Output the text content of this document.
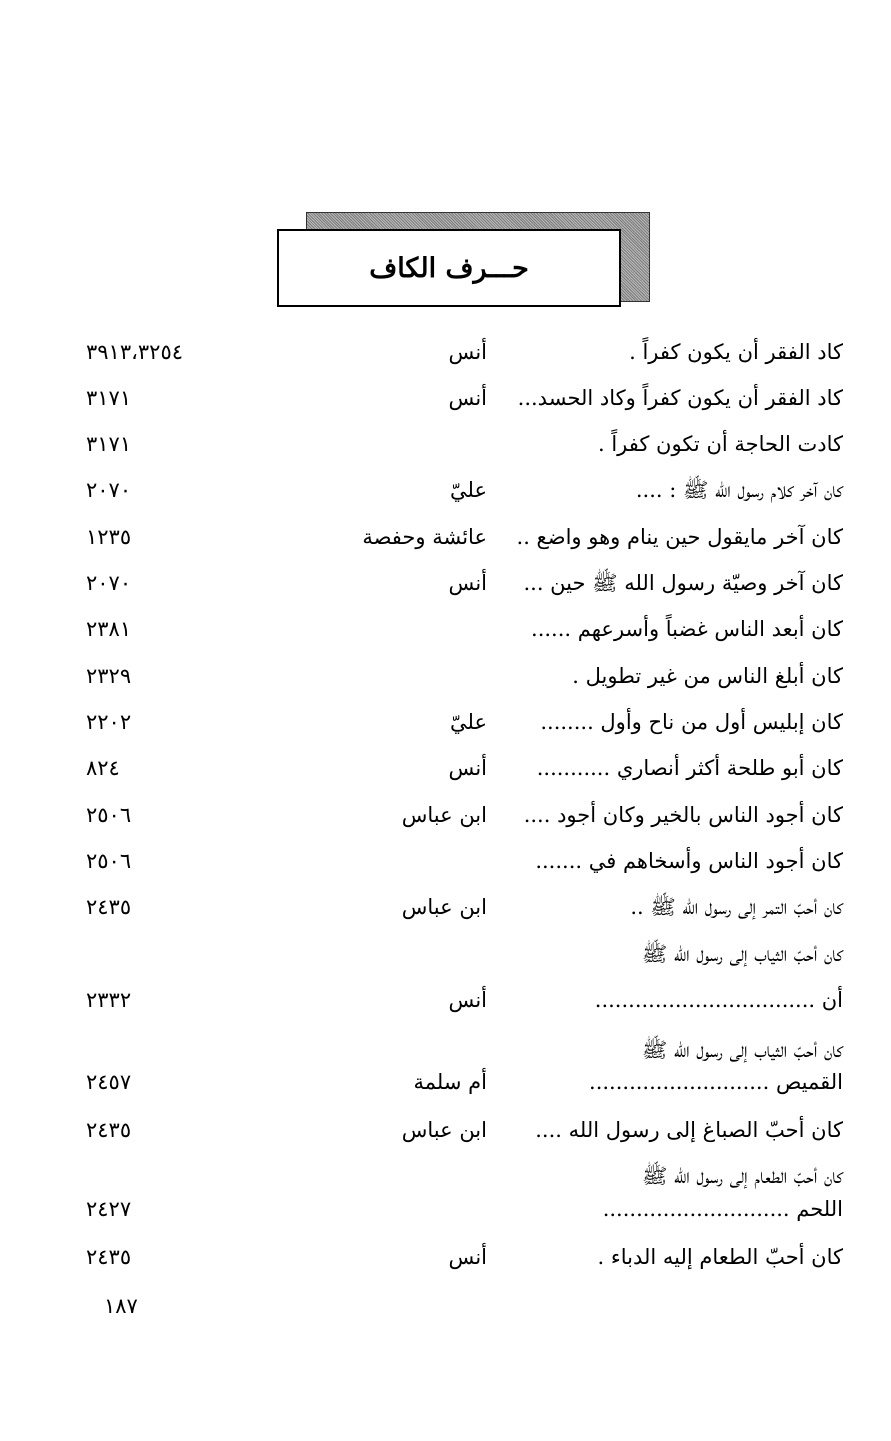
حـــرف الكاف
كاد الفقر أن يكون كفراً .
أنس
٣٩١٣،٣٢٥٤
كاد الفقر أن يكون كفراً وكاد الحسد...
أنس
٣١٧١
كادت الحاجة أن تكون كفراً .
٣١٧١
كان آخر كلام رسول الله ﷺ : ....
عليّ
٢٠٧٠
كان آخر مايقول حين ينام وهو واضع ..
عائشة وحفصة
١٢٣٥
كان آخر وصيّة رسول الله ﷺ حين ...
أنس
٢٠٧٠
كان أبعد الناس غضباً وأسرعهم ......
٢٣٨١
كان أبلغ الناس من غير تطويل .
٢٣٢٩
كان إبليس أول من ناح وأول ........
عليّ
٢٢٠٢
كان أبو طلحة أكثر أنصاري ...........
أنس
٨٢٤
كان أجود الناس بالخير وكان أجود ....
ابن عباس
٢٥٠٦
كان أجود الناس وأسخاهم في .......
٢٥٠٦
كان أحبّ التمر إلى رسول الله ﷺ ..
ابن عباس
٢٤٣٥
كان أحبّ الثياب إلى رسول الله ﷺ
أن .................................
أنس
٢٣٣٢
كان أحبّ الثياب إلى رسول الله ﷺ
القميص ...........................
أم سلمة
٢٤٥٧
كان أحبّ الصباغ إلى رسول الله ....
ابن عباس
٢٤٣٥
كان أحبّ الطعام إلى رسول الله ﷺ
اللحم ............................
٢٤٢٧
كان أحبّ الطعام إليه الدباء .
أنس
٢٤٣٥
١٨٧
